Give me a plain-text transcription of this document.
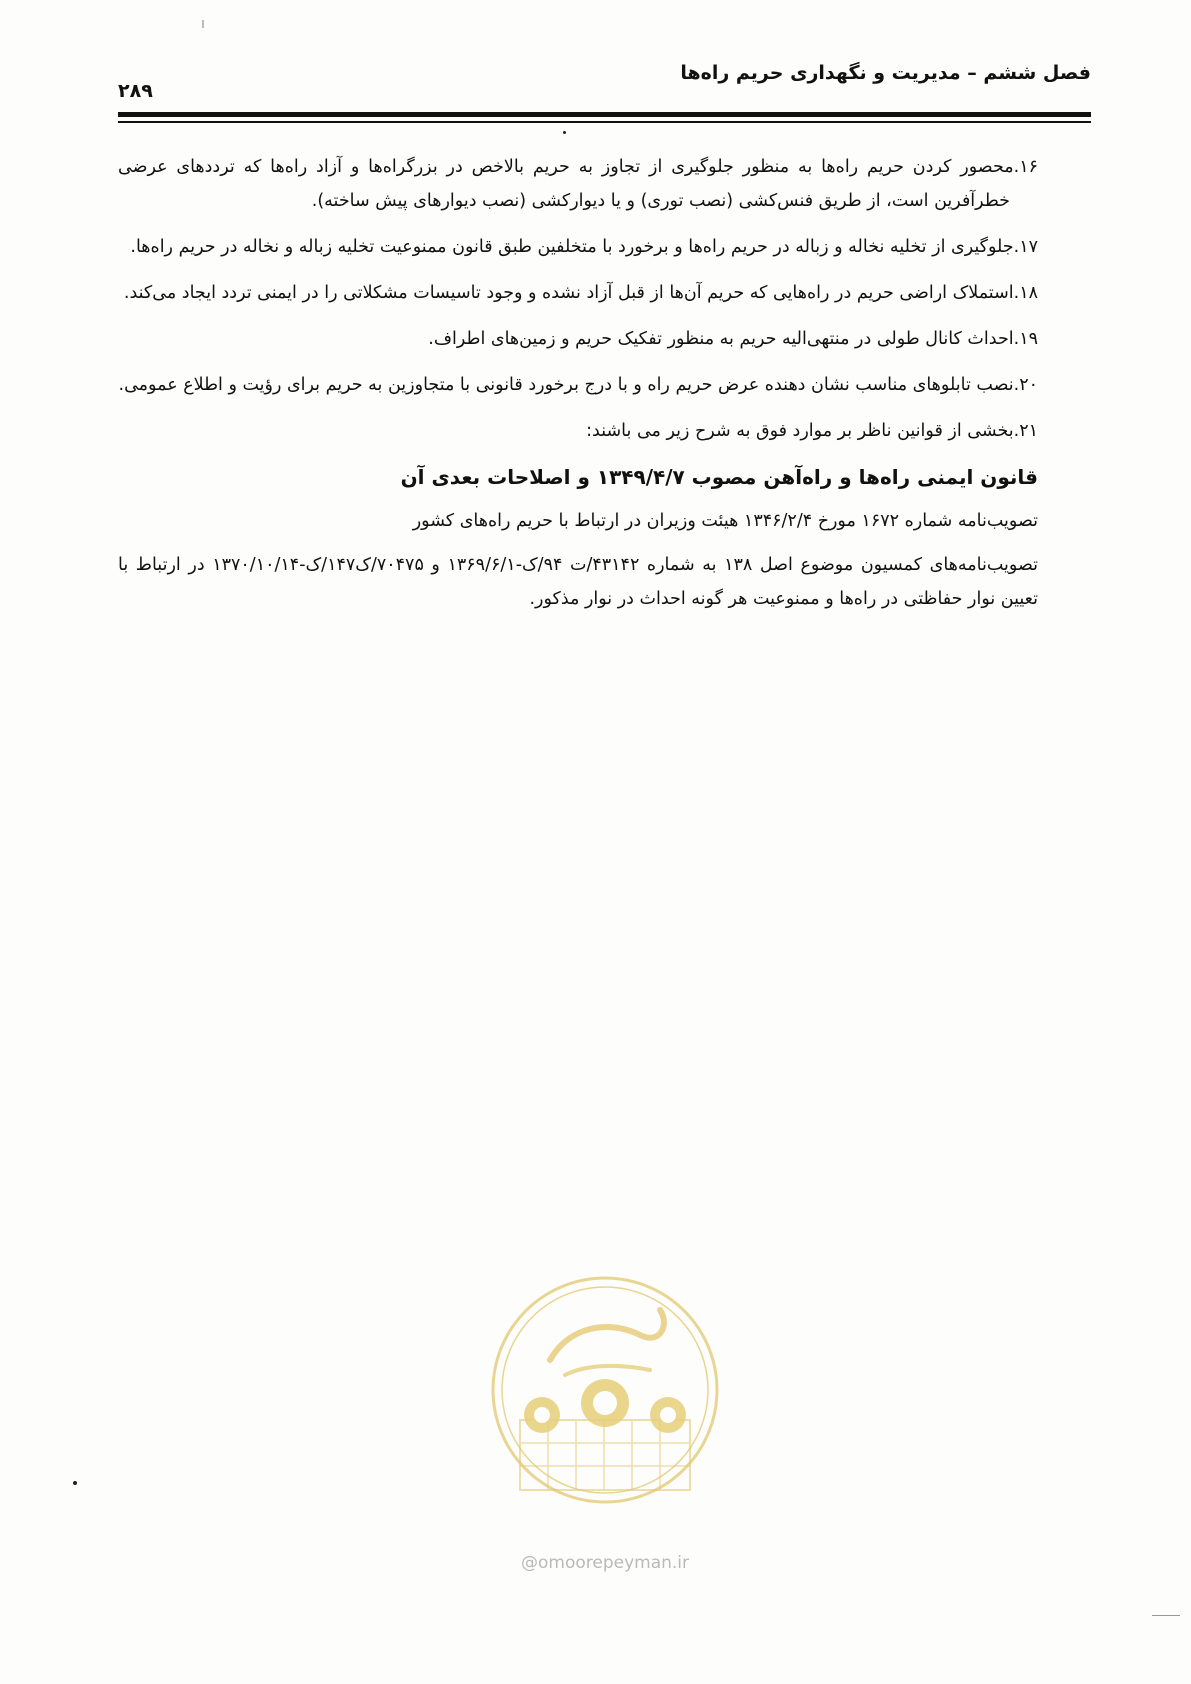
فصل ششم – مدیریت و نگهداری حریم راه‌ها
۲۸۹
۱۶.محصور کردن حریم راه‌ها به منظور جلوگیری از تجاوز به حریم بالاخص در بزرگراه‌ها و آزاد راه‌ها که ترددهای عرضی خطرآفرین است، از طریق فنس‌کشی (نصب توری) و یا دیوارکشی (نصب دیوارهای پیش ساخته).
۱۷.جلوگیری از تخلیه نخاله و زباله در حریم راه‌ها و برخورد با متخلفین طبق قانون ممنوعیت تخلیه زباله و نخاله در حریم راه‌ها.
۱۸.استملاک اراضی حریم در راه‌هایی که حریم آن‌ها از قبل آزاد نشده و وجود تاسیسات مشکلاتی را در ایمنی تردد ایجاد می‌کند.
۱۹.احداث کانال طولی در منتهی‌الیه حریم به منظور تفکیک حریم و زمین‌های اطراف.
۲۰.نصب تابلوهای مناسب نشان دهنده عرض حریم راه و با درج برخورد قانونی با متجاوزین به حریم برای رؤیت و اطلاع عمومی.
۲۱.بخشی از قوانین ناظر بر موارد فوق به شرح زیر می باشند:
قانون ایمنی راه‌ها و راه‌آهن مصوب ۱۳۴۹/۴/۷ و اصلاحات بعدی آن
تصویب‌نامه شماره ۱۶۷۲ مورخ ۱۳۴۶/۲/۴ هیئت وزیران در ارتباط با حریم راه‌های کشور
تصویب‌نامه‌های کمسیون موضوع اصل ۱۳۸ به شماره ۴۳۱۴۲/ت ۹۴/ک-۱۳۶۹/۶/۱ و ۷۰۴۷۵/ک۱۴۷/ک-۱۳۷۰/۱۰/۱۴ در ارتباط با تعیین نوار حفاظتی در راه‌ها و ممنوعیت هر گونه احداث در نوار مذکور.
@omoorepeyman.ir
